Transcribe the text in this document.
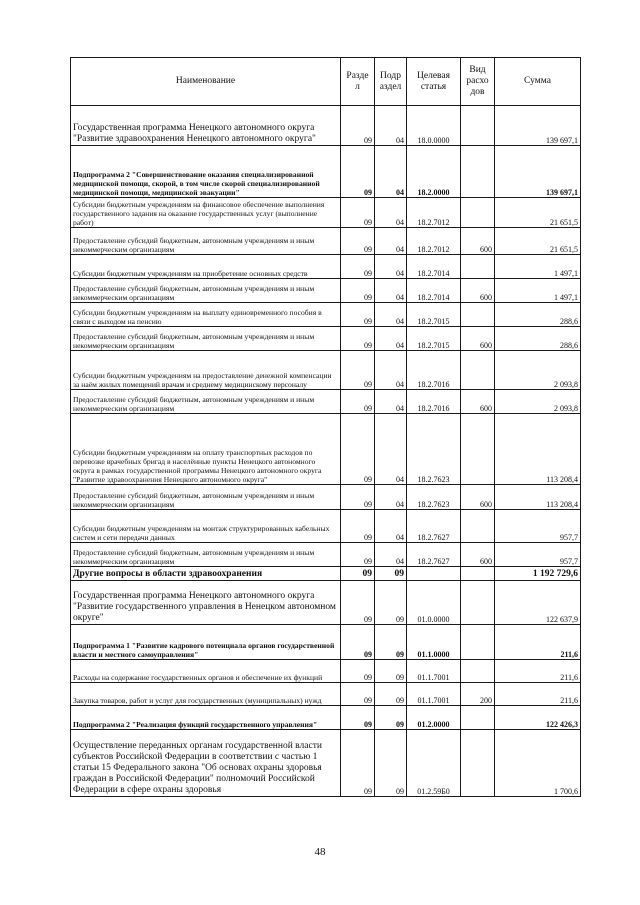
Наименование	Разде л	Подр аздел	Целевая статья	Вид расхо дов	Сумма
Государственная программа Ненецкого автономного округа "Развитие здравоохранения Ненецкого автономного округа"	09	04	18.0.0000		139 697,1
Подпрограмма 2 "Совершенствование оказания специализированной медицинской помощи, скорой, в том числе скорой специализированной медицинской помощи, медицинской эвакуации"	09	04	18.2.0000		139 697,1
Субсидии бюджетным учреждениям на финансовое обеспечение выполнения государственного задания на оказание государственных услуг (выполнение работ)	09	04	18.2.7012		21 651,5
Предоставление субсидий бюджетным, автономным учреждениям и иным некоммерческим организациям	09	04	18.2.7012	600	21 651,5
Субсидии бюджетным учреждениям на приобретение основных средств	09	04	18.2.7014		1 497,1
Предоставление субсидий бюджетным, автономным учреждениям и иным некоммерческим организациям	09	04	18.2.7014	600	1 497,1
Субсидии бюджетным учреждениям на выплату единовременного пособия в связи с выходом на пенсию	09	04	18.2.7015		288,6
Предоставление субсидий бюджетным, автономным учреждениям и иным некоммерческим организациям	09	04	18.2.7015	600	288,6
Субсидии бюджетным учреждениям на предоставление денежной компенсации за наём жилых помещений врачам и среднему медицинскому персоналу	09	04	18.2.7016		2 093,8
Предоставление субсидий бюджетным, автономным учреждениям и иным некоммерческим организациям	09	04	18.2.7016	600	2 093,8
Субсидии бюджетным учреждениям на оплату транспортных расходов по перевозке врачебных бригад в населённые пункты Ненецкого автономного округа в рамках государственной программы Ненецкого автономного округа "Развитие здравоохранения Ненецкого автономного округа"	09	04	18.2.7623		113 208,4
Предоставление субсидий бюджетным, автономным учреждениям и иным некоммерческим организациям	09	04	18.2.7623	600	113 208,4
Субсидии бюджетным учреждениям на монтаж структурированных кабельных систем и сети передачи данных	09	04	18.2.7627		957,7
Предоставление субсидий бюджетным, автономным учреждениям и иным некоммерческим организациям	09	04	18.2.7627	600	957,7
Другие вопросы в области здравоохранения	09	09			1 192 729,6
Государственная программа Ненецкого автономного округа "Развитие государственного управления в Ненецком автономном округе"	09	09	01.0.0000		122 637,9
Подпрограмма 1 "Развитие кадрового потенциала органов государственной власти и местного самоуправления"	09	09	01.1.0000		211,6
Расходы на содержание государственных органов и обеспечение их функций	09	09	01.1.7001		211,6
Закупка товаров, работ и услуг для государственных (муниципальных) нужд	09	09	01.1.7001	200	211,6
Подпрограмма 2 "Реализация функций государственного управления"	09	09	01.2.0000		122 426,3
Осуществление переданных органам государственной власти субъектов Российской Федерации в соответствии с частью 1 статьи 15 Федерального закона "Об основах охраны здоровья граждан в Российской Федерации" полномочий Российской Федерации в сфере охраны здоровья	09	09	01.2.59Б0		1 700,6
48
